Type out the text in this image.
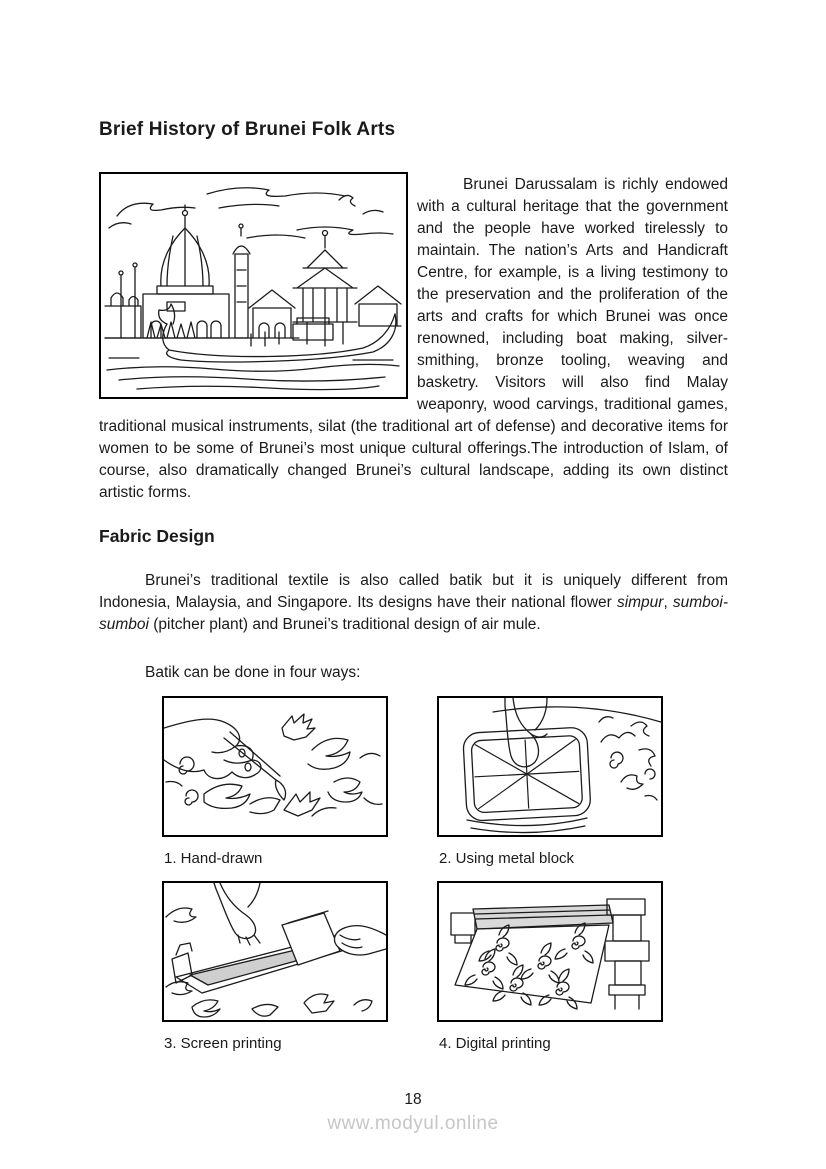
Brief History of Brunei Folk Arts

Brunei Darussalam is richly endowed with a cultural heritage that the government and the people have worked tirelessly to maintain. The nation’s Arts and Handicraft Centre, for example, is a living testimony to the preservation and the proliferation of the arts and crafts for which Brunei was once renowned, including boat making, silver-smithing, bronze tooling, weaving and basketry. Visitors will also find Malay weaponry, wood carvings, traditional games, traditional musical instruments, silat (the traditional art of defense) and decorative items for women to be some of Brunei’s most unique cultural offerings.The introduction of Islam, of course, also dramatically changed Brunei’s cultural landscape, adding its own distinct artistic forms.

Fabric Design

Brunei’s traditional textile is also called batik but it is uniquely different from Indonesia, Malaysia, and Singapore. Its designs have their national flower simpur, sumboi-sumboi (pitcher plant) and Brunei’s traditional design of air mule.

Batik can be done in four ways:

1. Hand-drawn	2. Using metal block
3. Screen printing	4. Digital printing
18
www.modyul.online
